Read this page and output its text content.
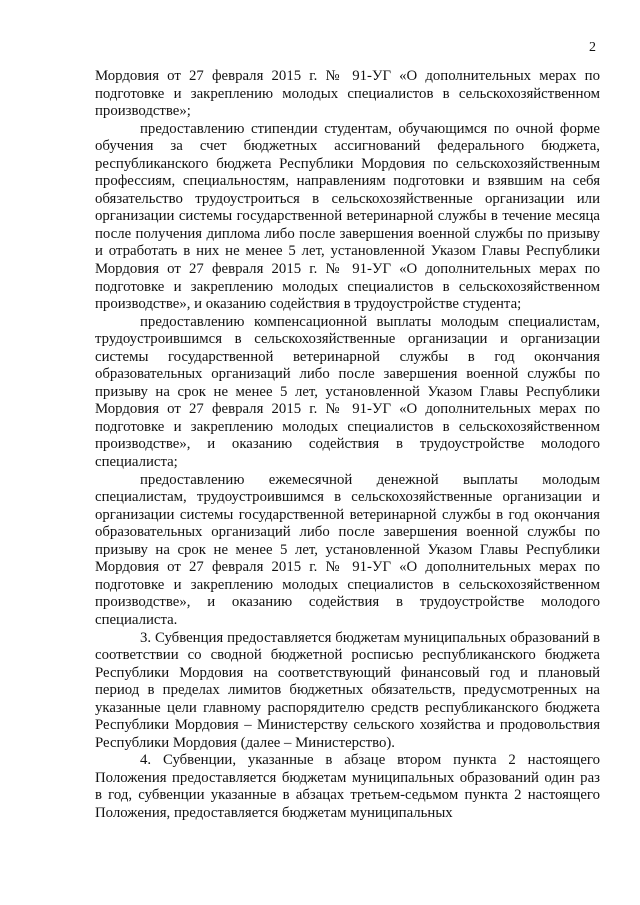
2

Мордовия от 27 февраля 2015 г. № 91-УГ «О дополнительных мерах по подготовке и закреплению молодых специалистов в сельскохозяйственном производстве»;

предоставлению стипендии студентам, обучающимся по очной форме обучения за счет бюджетных ассигнований федерального бюджета, республиканского бюджета Республики Мордовия по сельскохозяйственным профессиям, специальностям, направлениям подготовки и взявшим на себя обязательство трудоустроиться в сельскохозяйственные организации или организации системы государственной ветеринарной службы в течение месяца после получения диплома либо после завершения военной службы по призыву и отработать в них не менее 5 лет, установленной Указом Главы Республики Мордовия от 27 февраля 2015 г. № 91-УГ «О дополнительных мерах по подготовке и закреплению молодых специалистов в сельскохозяйственном производстве», и оказанию содействия в трудоустройстве студента;

предоставлению компенсационной выплаты молодым специалистам, трудоустроившимся в сельскохозяйственные организации и организации системы государственной ветеринарной службы в год окончания образовательных организаций либо после завершения военной службы по призыву на срок не менее 5 лет, установленной Указом Главы Республики Мордовия от 27 февраля 2015 г. № 91-УГ «О дополнительных мерах по подготовке и закреплению молодых специалистов в сельскохозяйственном производстве», и оказанию содействия в трудоустройстве молодого специалиста;

предоставлению ежемесячной денежной выплаты молодым специалистам, трудоустроившимся в сельскохозяйственные организации и организации системы государственной ветеринарной службы в год окончания образовательных организаций либо после завершения военной службы по призыву на срок не менее 5 лет, установленной Указом Главы Республики Мордовия от 27 февраля 2015 г. № 91-УГ «О дополнительных мерах по подготовке и закреплению молодых специалистов в сельскохозяйственном производстве», и оказанию содействия в трудоустройстве молодого специалиста.

3. Субвенция предоставляется бюджетам муниципальных образований в соответствии со сводной бюджетной росписью республиканского бюджета Республики Мордовия на соответствующий финансовый год и плановый период в пределах лимитов бюджетных обязательств, предусмотренных на указанные цели главному распорядителю средств республиканского бюджета Республики Мордовия – Министерству сельского хозяйства и продовольствия Республики Мордовия (далее – Министерство).

4. Субвенции, указанные в абзаце втором пункта 2 настоящего Положения предоставляется бюджетам муниципальных образований один раз в год, субвенции указанные в абзацах третьем-седьмом пункта 2 настоящего Положения, предоставляется бюджетам муниципальных
